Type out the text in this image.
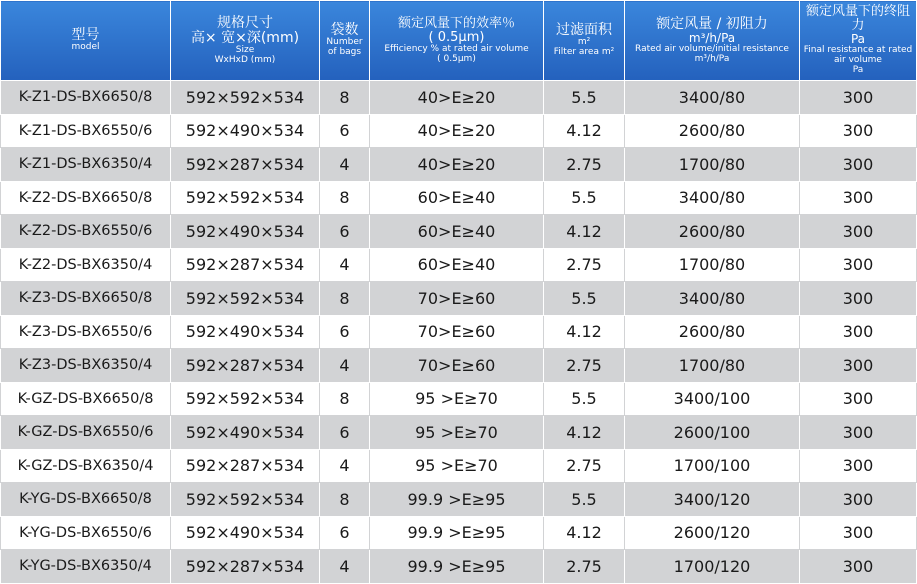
型号
model	规格尺寸
高× 宽×深(mm)
Size
WxHxD (mm)	袋数
Number
of bags	额定风量下的效率％
( 0.5μm)
Efficiency % at rated air volume
( 0.5μm)	过滤面积
m²
Filter area m²	额定风量 / 初阻力
m³/h/Pa
Rated air volume/initial resistance
m³/h/Pa	额定风量下的终阻力
Pa
Final resistance at rated
air volume
Pa

K-Z1-DS-BX6650/8	592×592×534	8	40>E≥20	5.5	3400/80	300
K-Z1-DS-BX6550/6	592×490×534	6	40>E≥20	4.12	2600/80	300
K-Z1-DS-BX6350/4	592×287×534	4	40>E≥20	2.75	1700/80	300
K-Z2-DS-BX6650/8	592×592×534	8	60>E≥40	5.5	3400/80	300
K-Z2-DS-BX6550/6	592×490×534	6	60>E≥40	4.12	2600/80	300
K-Z2-DS-BX6350/4	592×287×534	4	60>E≥40	2.75	1700/80	300
K-Z3-DS-BX6650/8	592×592×534	8	70>E≥60	5.5	3400/80	300
K-Z3-DS-BX6550/6	592×490×534	6	70>E≥60	4.12	2600/80	300
K-Z3-DS-BX6350/4	592×287×534	4	70>E≥60	2.75	1700/80	300
K-GZ-DS-BX6650/8	592×592×534	8	95 >E≥70	5.5	3400/100	300
K-GZ-DS-BX6550/6	592×490×534	6	95 >E≥70	4.12	2600/100	300
K-GZ-DS-BX6350/4	592×287×534	4	95 >E≥70	2.75	1700/100	300
K-YG-DS-BX6650/8	592×592×534	8	99.9 >E≥95	5.5	3400/120	300
K-YG-DS-BX6550/6	592×490×534	6	99.9 >E≥95	4.12	2600/120	300
K-YG-DS-BX6350/4	592×287×534	4	99.9 >E≥95	2.75	1700/120	300
